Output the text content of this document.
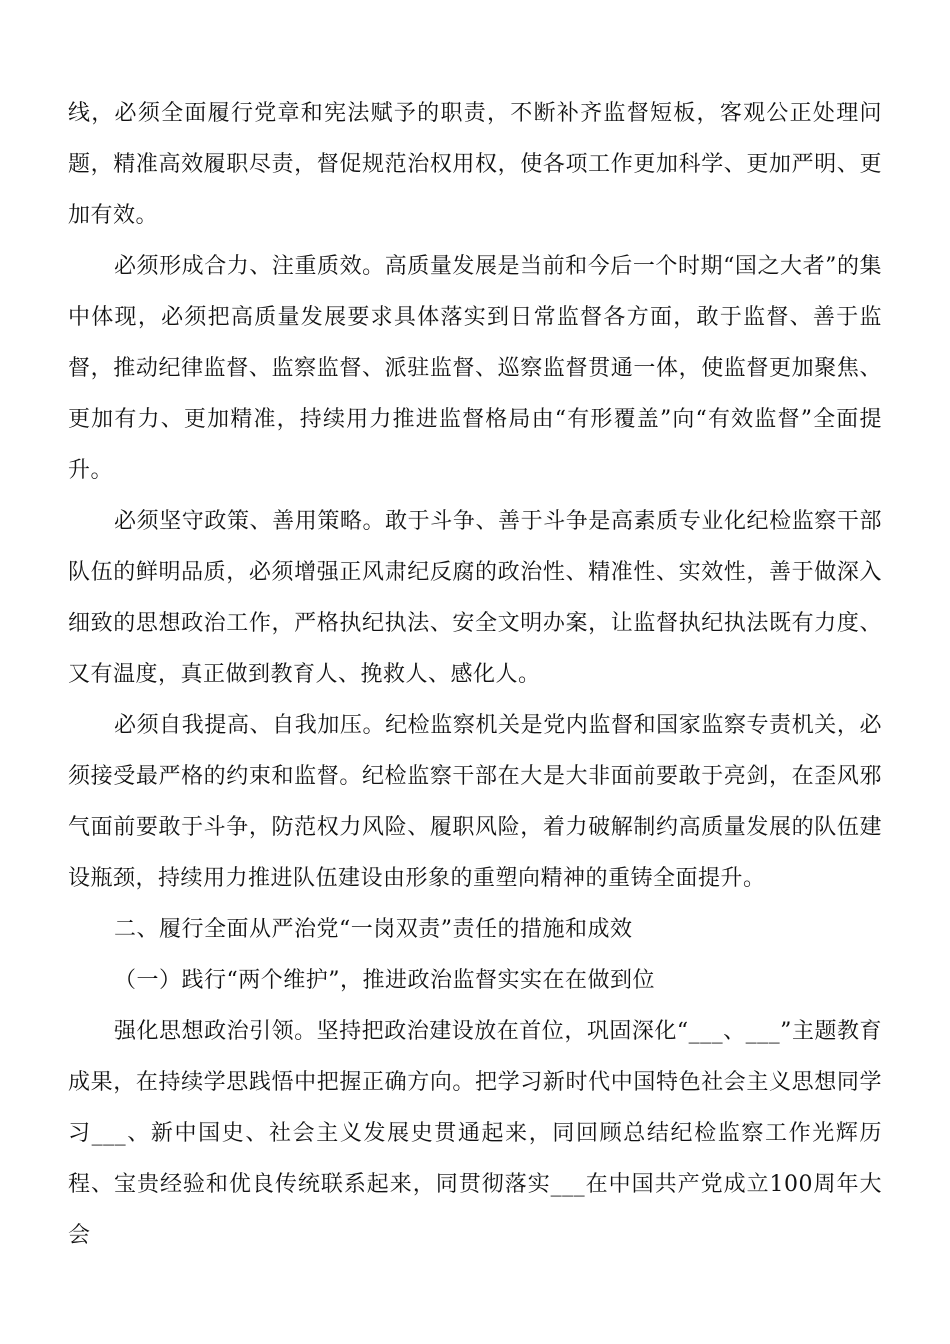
线，必须全面履行党章和宪法赋予的职责，不断补齐监督短板，客观公正处理问题，精准高效履职尽责，督促规范治权用权，使各项工作更加科学、更加严明、更加有效。

必须形成合力、注重质效。高质量发展是当前和今后一个时期“国之大者”的集中体现，必须把高质量发展要求具体落实到日常监督各方面，敢于监督、善于监督，推动纪律监督、监察监督、派驻监督、巡察监督贯通一体，使监督更加聚焦、更加有力、更加精准，持续用力推进监督格局由“有形覆盖”向“有效监督”全面提升。

必须坚守政策、善用策略。敢于斗争、善于斗争是高素质专业化纪检监察干部队伍的鲜明品质，必须增强正风肃纪反腐的政治性、精准性、实效性，善于做深入细致的思想政治工作，严格执纪执法、安全文明办案，让监督执纪执法既有力度、又有温度，真正做到教育人、挽救人、感化人。

必须自我提高、自我加压。纪检监察机关是党内监督和国家监察专责机关，必须接受最严格的约束和监督。纪检监察干部在大是大非面前要敢于亮剑，在歪风邪气面前要敢于斗争，防范权力风险、履职风险，着力破解制约高质量发展的队伍建设瓶颈，持续用力推进队伍建设由形象的重塑向精神的重铸全面提升。

二、履行全面从严治党“一岗双责”责任的措施和成效

（一）践行“两个维护”，推进政治监督实实在在做到位

强化思想政治引领。坚持把政治建设放在首位，巩固深化“___、___”主题教育成果，在持续学思践悟中把握正确方向。把学习新时代中国特色社会主义思想同学习___、新中国史、社会主义发展史贯通起来，同回顾总结纪检监察工作光辉历程、宝贵经验和优良传统联系起来，同贯彻落实___在中国共产党成立100周年大会
